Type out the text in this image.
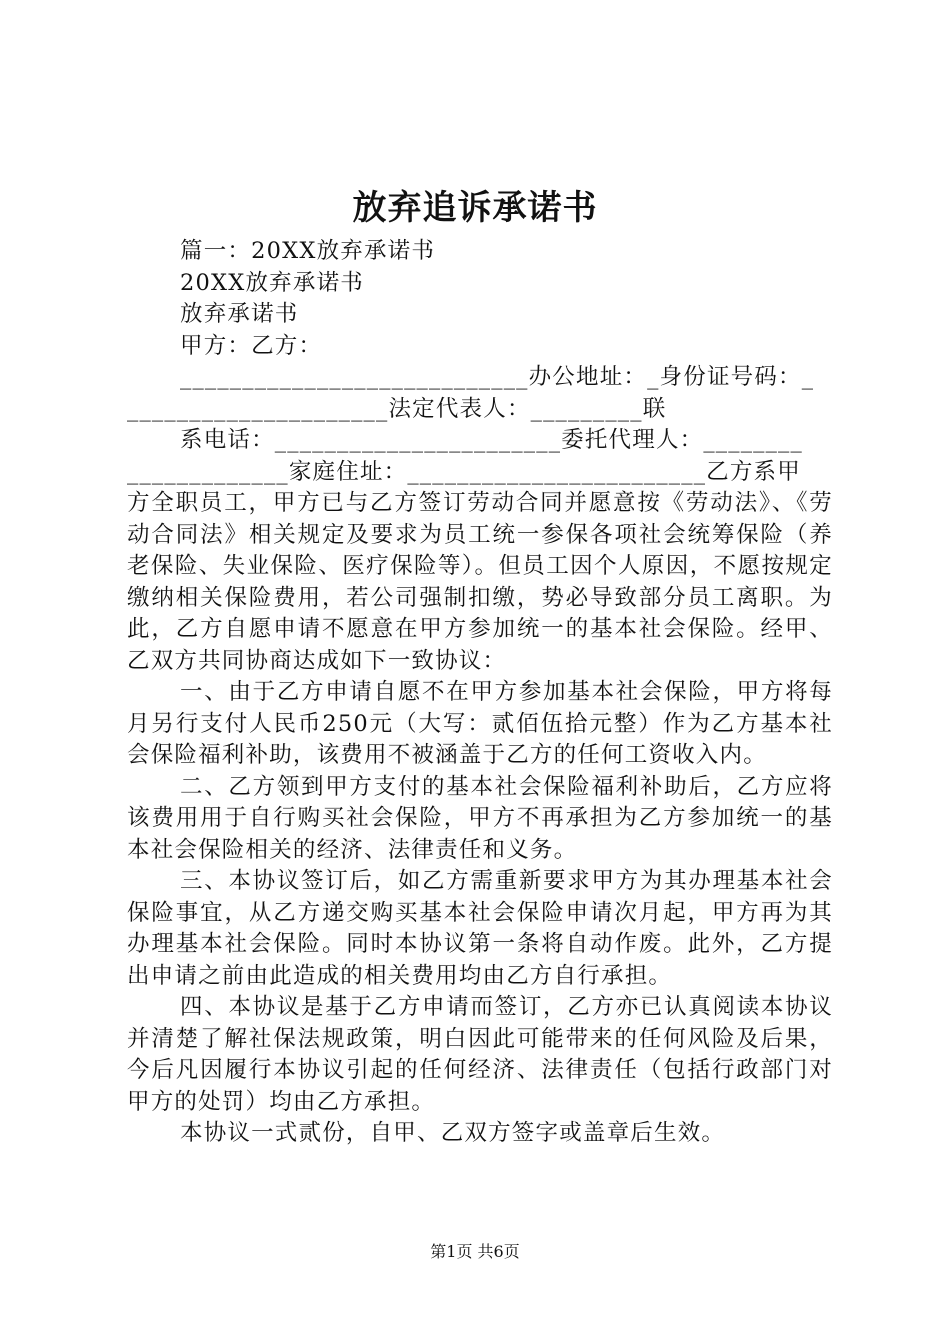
放弃追诉承诺书

篇一：20XX放弃承诺书

20XX放弃承诺书

放弃承诺书

甲方：乙方：

____________________________办公地址：_身份证号码：_

_____________________法定代表人：_________联

系电话：_______________________委托代理人：________

_____________家庭住址：________________________乙方系甲

方全职员工，甲方已与乙方签订劳动合同并愿意按《劳动法》、《劳动合同法》相关规定及要求为员工统一参保各项社会统筹保险（养老保险、失业保险、医疗保险等）。但员工因个人原因，不愿按规定缴纳相关保险费用，若公司强制扣缴，势必导致部分员工离职。为此，乙方自愿申请不愿意在甲方参加统一的基本社会保险。经甲、乙双方共同协商达成如下一致协议：

一、由于乙方申请自愿不在甲方参加基本社会保险，甲方将每月另行支付人民币250元（大写：贰佰伍拾元整）作为乙方基本社会保险福利补助，该费用不被涵盖于乙方的任何工资收入内。

二、乙方领到甲方支付的基本社会保险福利补助后，乙方应将该费用用于自行购买社会保险，甲方不再承担为乙方参加统一的基本社会保险相关的经济、法律责任和义务。

三、本协议签订后，如乙方需重新要求甲方为其办理基本社会保险事宜，从乙方递交购买基本社会保险申请次月起，甲方再为其办理基本社会保险。同时本协议第一条将自动作废。此外，乙方提出申请之前由此造成的相关费用均由乙方自行承担。

四、本协议是基于乙方申请而签订，乙方亦已认真阅读本协议并清楚了解社保法规政策，明白因此可能带来的任何风险及后果，今后凡因履行本协议引起的任何经济、法律责任（包括行政部门对甲方的处罚）均由乙方承担。

本协议一式贰份，自甲、乙双方签字或盖章后生效。

第1页 共6页
